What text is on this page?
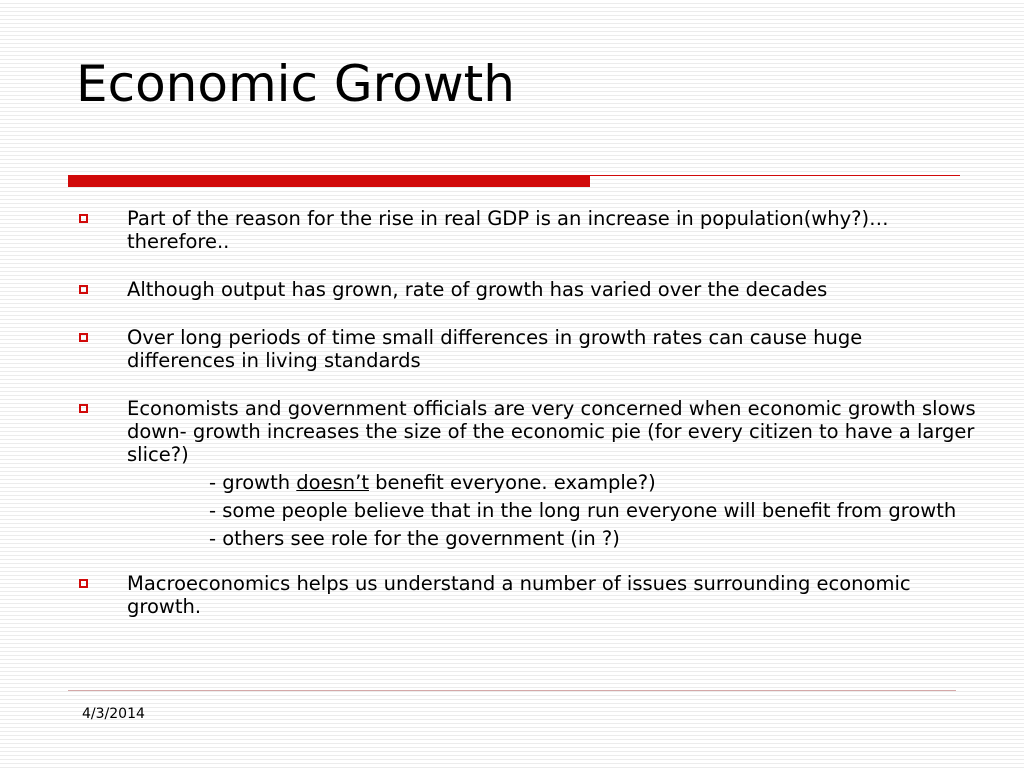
Economic Growth
Part of the reason for the rise in real GDP is an increase in population(why?)… therefore..
Although output has grown, rate of growth has varied over the decades
Over long periods of time small differences in growth rates can cause huge differences in living standards
Economists and government officials are very concerned when economic growth slows down- growth increases the size of the economic pie (for every citizen to have a larger slice?)
- growth doesn’t benefit everyone. example?)
- some people believe that in the long run everyone will benefit from growth
- others see role for the government (in ?)
Macroeconomics helps us understand a number of issues surrounding economic growth.
4/3/2014
